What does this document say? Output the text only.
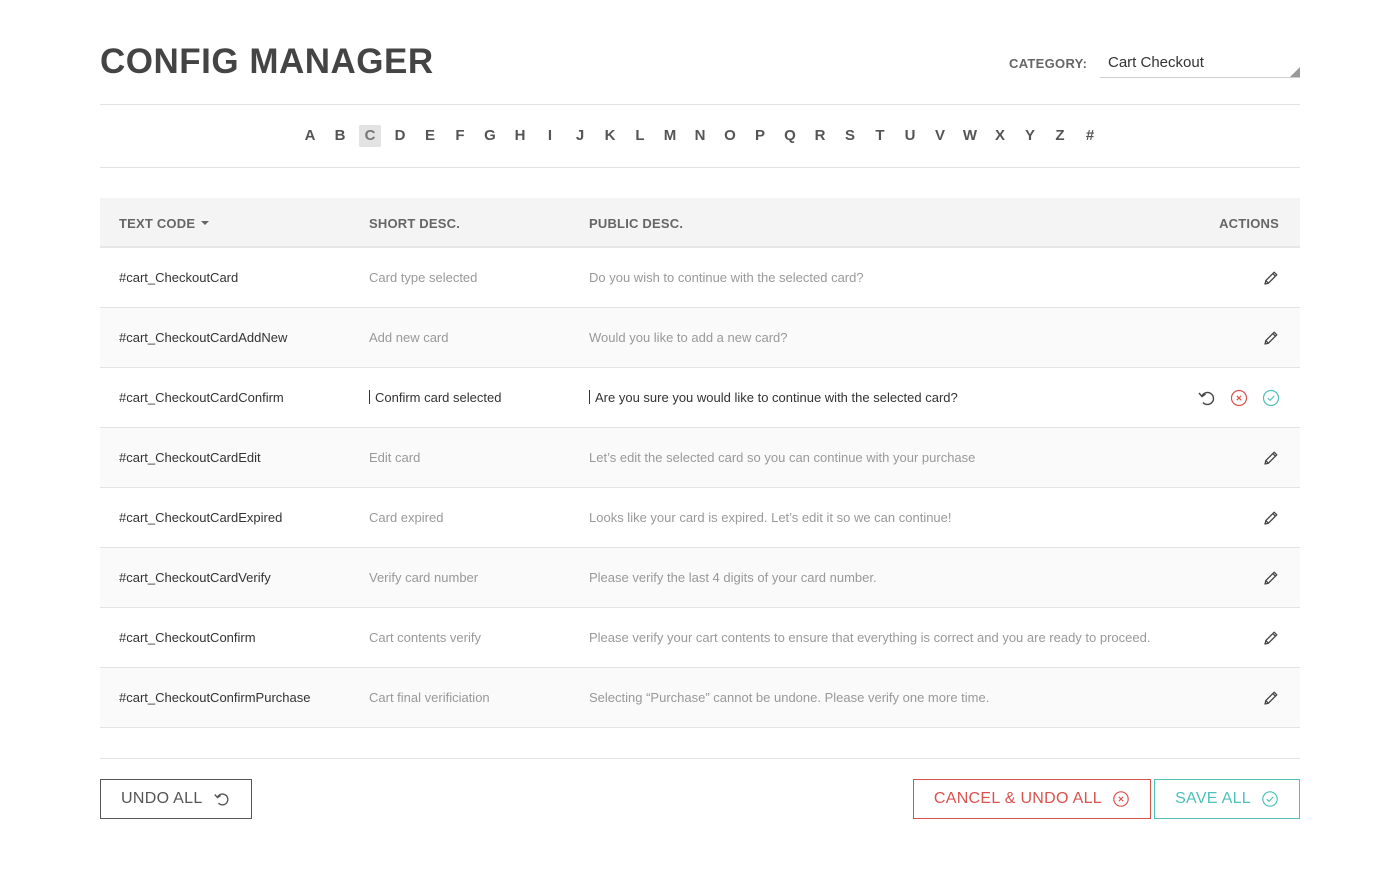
CONFIG MANAGER	CATEGORY: Cart Checkout
A	B	C	D	E	F	G	H	I	J	K	L	M	N	O	P	Q	R	S	T	U	V	W	X	Y	Z	#
TEXT CODE	SHORT DESC.	PUBLIC DESC.	ACTIONS
#cart_CheckoutCard	Card type selected	Do you wish to continue with the selected card?
#cart_CheckoutCardAddNew	Add new card	Would you like to add a new card?
#cart_CheckoutCardConfirm	Confirm card selected	Are you sure you would like to continue with the selected card?
#cart_CheckoutCardEdit	Edit card	Let’s edit the selected card so you can continue with your purchase
#cart_CheckoutCardExpired	Card expired	Looks like your card is expired. Let’s edit it so we can continue!
#cart_CheckoutCardVerify	Verify card number	Please verify the last 4 digits of your card number.
#cart_CheckoutConfirm	Cart contents verify	Please verify your cart contents to ensure that everything is correct and you are ready to proceed.
#cart_CheckoutConfirmPurchase	Cart final verificiation	Selecting “Purchase” cannot be undone. Please verify one more time.
UNDO ALL	CANCEL & UNDO ALL	SAVE ALL
